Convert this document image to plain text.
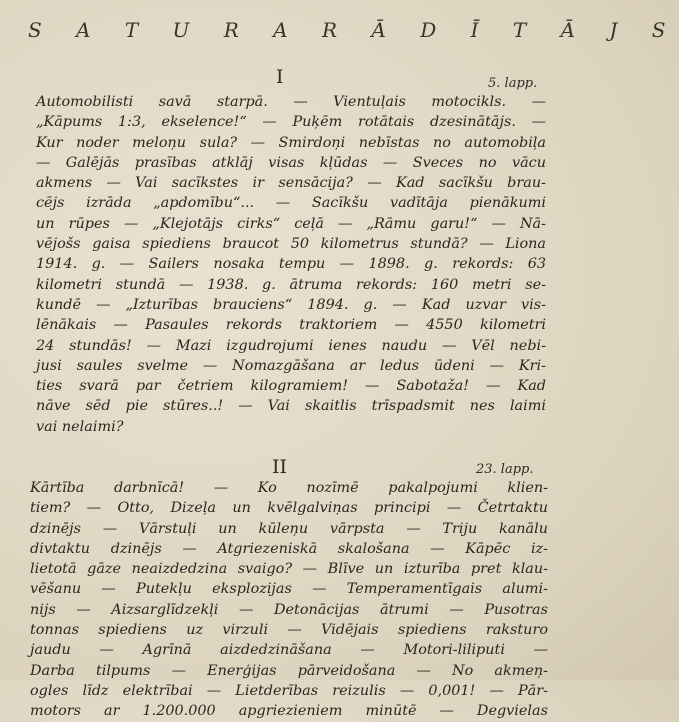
S A T U R A R Ā D Ī T Ā J S
I	5. lapp.
Automobilisti savā starpā. — Vientuļais motocikls. —
„Kāpums 1:3, ekselence!“ — Puķēm rotātais dzesinātājs. —
Kur noder meloņu sula? — Smirdoņi nebīstas no automobiļa
— Galējās prasības atklāj visas kļūdas — Sveces no vācu
akmens — Vai sacīkstes ir sensācija? — Kad sacīkšu brau-
cējs izrāda „apdomību“... — Sacīkšu vadītāja pienākumi
un rūpes — „Klejotājs cirks“ ceļā — „Rāmu garu!“ — Nā-
vējošs gaisa spiediens braucot 50 kilometrus stundā? — Liona
1914. g. — Sailers nosaka tempu — 1898. g. rekords: 63
kilometri stundā — 1938. g. ātruma rekords: 160 metri se-
kundē — „Izturības brauciens“ 1894. g. — Kad uzvar vis-
lēnākais — Pasaules rekords traktoriem — 4550 kilometri
24 stundās! — Mazi izgudrojumi ienes naudu — Vēl nebi-
jusi saules svelme — Nomazgāšana ar ledus ūdeni — Kri-
ties svarā par četriem kilogramiem! — Sabotaža! — Kad
nāve sēd pie stūres..! — Vai skaitlis trīspadsmit nes laimi
vai nelaimi?
II	23. lapp.
Kārtība darbnīcā! — Ko nozīmē pakalpojumi klien-
tiem? — Otto, Dizeļa un kvēlgalviņas principi — Četrtaktu
dzinējs — Vārstuļi un kūleņu vārpsta — Triju kanālu
divtaktu dzinējs — Atgriezeniskā skalošana — Kāpēc iz-
lietotā gāze neaizdedzina svaigo? — Blīve un izturība pret klau-
vēšanu — Putekļu eksplozijas — Temperamentīgais alumi-
nijs — Aizsarglīdzekļi — Detonācijas ātrumi — Pusotras
tonnas spiediens uz virzuli — Vidējais spiediens raksturo
jaudu — Agrīnā aizdedzināšana — Motori-liliputi —
Darba tilpums — Enerģijas pārveidošana — No akmeņ-
ogles līdz elektrībai — Lietderības reizulis — 0,001! — Pār-
motors ar 1.200.000 apgriezieniem minūtē — Degvielas
